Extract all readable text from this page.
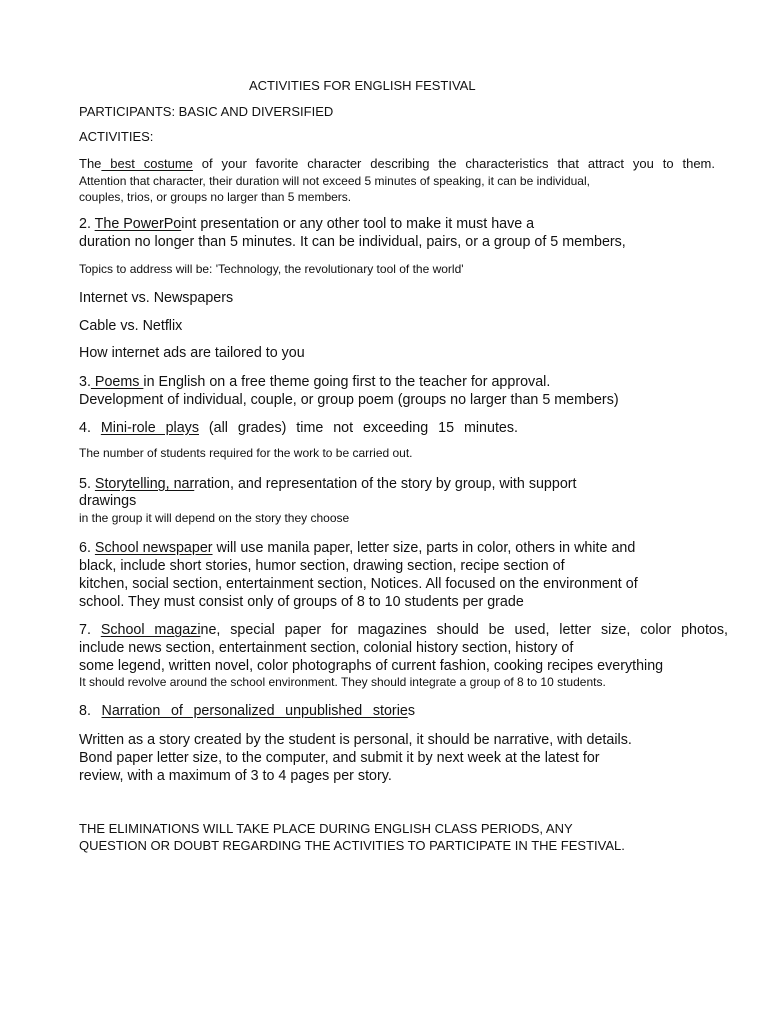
ACTIVITIES FOR ENGLISH FESTIVAL
PARTICIPANTS: BASIC AND DIVERSIFIED
ACTIVITIES:
The best costume of your favorite character describing the characteristics that attract you to them.
Attention that character, their duration will not exceed 5 minutes of speaking, it can be individual,
couples, trios, or groups no larger than 5 members.
2. The PowerPoint presentation or any other tool to make it must have a
duration no longer than 5 minutes. It can be individual, pairs, or a group of 5 members,
Topics to address will be: 'Technology, the revolutionary tool of the world'
Internet vs. Newspapers
Cable vs. Netflix
How internet ads are tailored to you
3. Poems in English on a free theme going first to the teacher for approval.
Development of individual, couple, or group poem (groups no larger than 5 members)
4. Mini-role plays (all grades) time not exceeding 15 minutes.
The number of students required for the work to be carried out.
5. Storytelling, narration, and representation of the story by group, with support
drawings
in the group it will depend on the story they choose
6. School newspaper will use manila paper, letter size, parts in color, others in white and
black, include short stories, humor section, drawing section, recipe section of
kitchen, social section, entertainment section, Notices. All focused on the environment of
school. They must consist only of groups of 8 to 10 students per grade
7. School magazine, special paper for magazines should be used, letter size, color photos,
include news section, entertainment section, colonial history section, history of
some legend, written novel, color photographs of current fashion, cooking recipes everything
It should revolve around the school environment. They should integrate a group of 8 to 10 students.
8. Narration of personalized unpublished stories
Written as a story created by the student is personal, it should be narrative, with details.
Bond paper letter size, to the computer, and submit it by next week at the latest for
review, with a maximum of 3 to 4 pages per story.
THE ELIMINATIONS WILL TAKE PLACE DURING ENGLISH CLASS PERIODS, ANY
QUESTION OR DOUBT REGARDING THE ACTIVITIES TO PARTICIPATE IN THE FESTIVAL.
